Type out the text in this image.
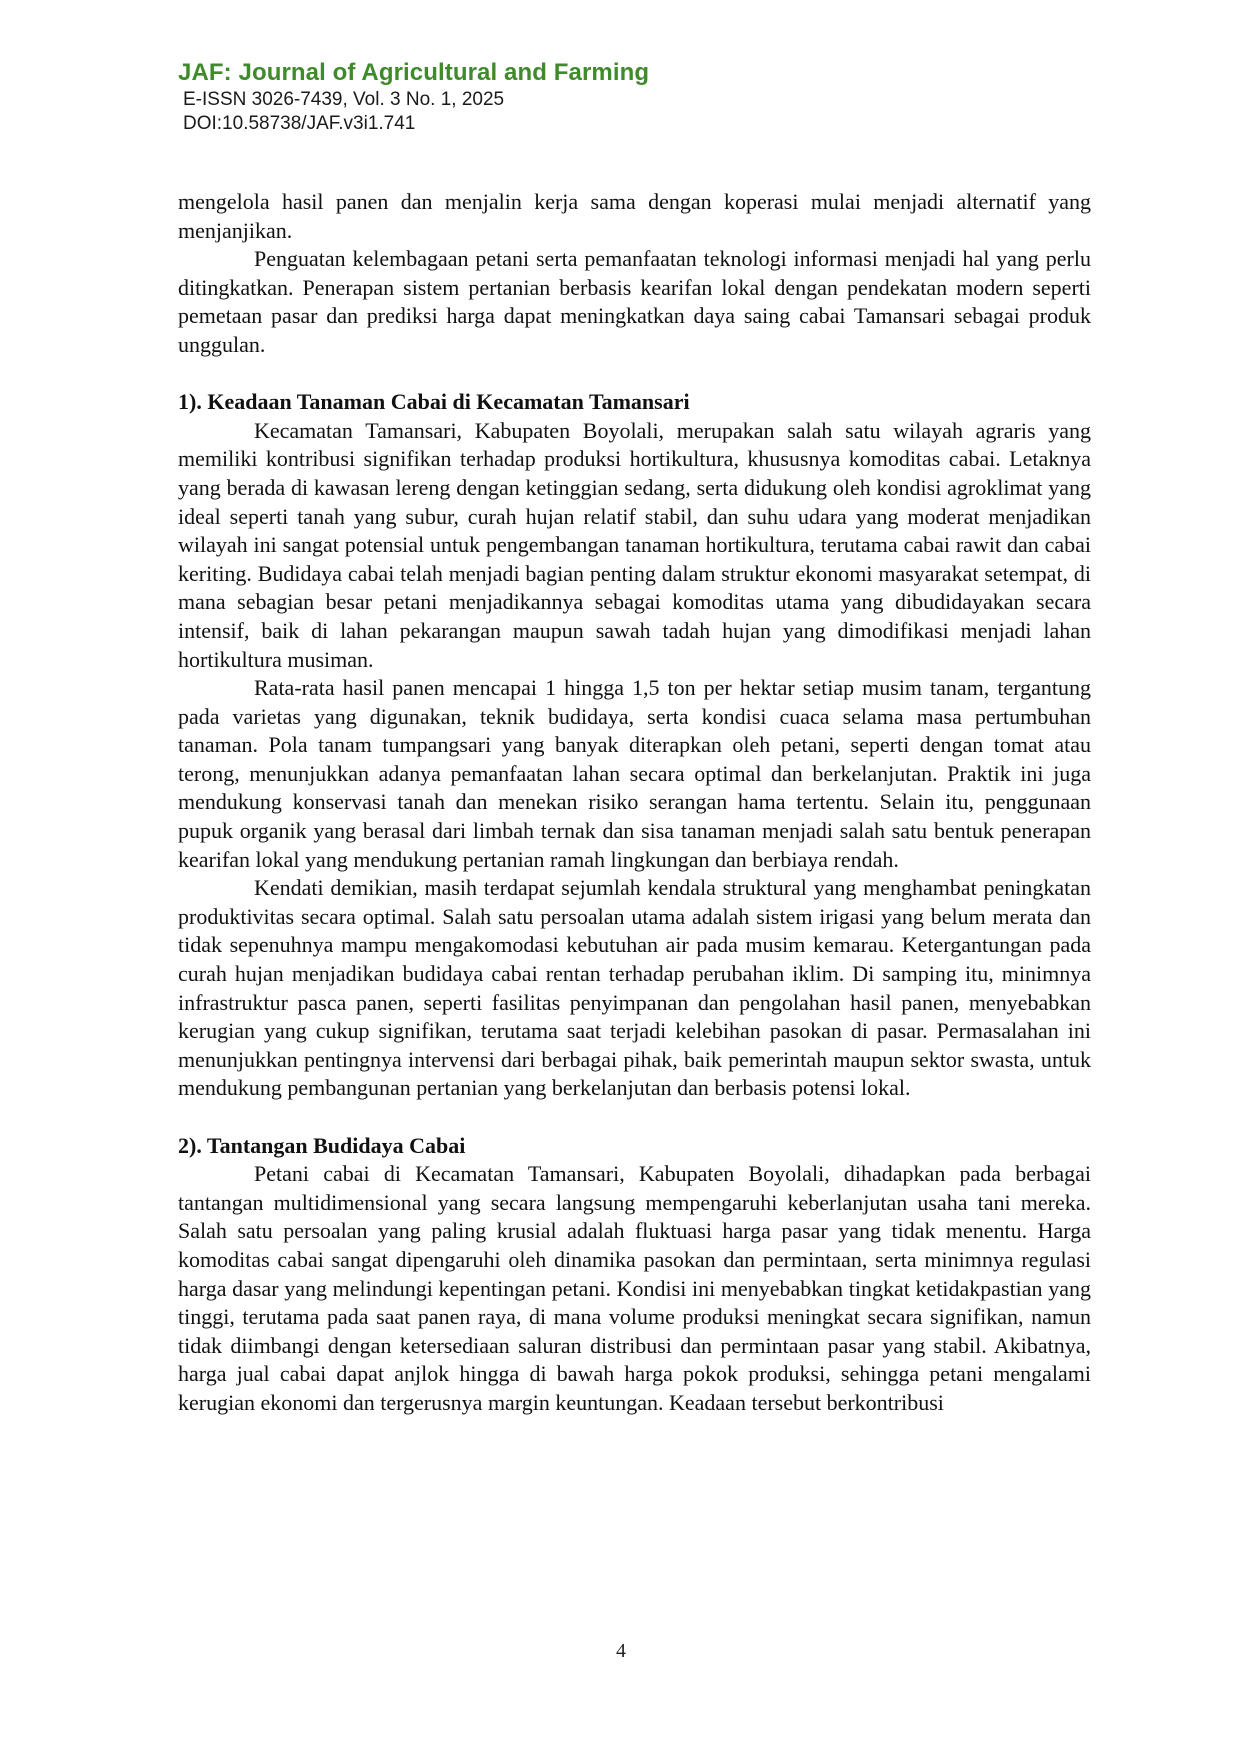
JAF: Journal of Agricultural and Farming
E-ISSN 3026-7439, Vol. 3 No. 1, 2025
DOI:10.58738/JAF.v3i1.741

mengelola hasil panen dan menjalin kerja sama dengan koperasi mulai menjadi alternatif yang menjanjikan.

Penguatan kelembagaan petani serta pemanfaatan teknologi informasi menjadi hal yang perlu ditingkatkan. Penerapan sistem pertanian berbasis kearifan lokal dengan pendekatan modern seperti pemetaan pasar dan prediksi harga dapat meningkatkan daya saing cabai Tamansari sebagai produk unggulan.

1). Keadaan Tanaman Cabai di Kecamatan Tamansari

Kecamatan Tamansari, Kabupaten Boyolali, merupakan salah satu wilayah agraris yang memiliki kontribusi signifikan terhadap produksi hortikultura, khususnya komoditas cabai. Letaknya yang berada di kawasan lereng dengan ketinggian sedang, serta didukung oleh kondisi agroklimat yang ideal seperti tanah yang subur, curah hujan relatif stabil, dan suhu udara yang moderat menjadikan wilayah ini sangat potensial untuk pengembangan tanaman hortikultura, terutama cabai rawit dan cabai keriting. Budidaya cabai telah menjadi bagian penting dalam struktur ekonomi masyarakat setempat, di mana sebagian besar petani menjadikannya sebagai komoditas utama yang dibudidayakan secara intensif, baik di lahan pekarangan maupun sawah tadah hujan yang dimodifikasi menjadi lahan hortikultura musiman.

Rata-rata hasil panen mencapai 1 hingga 1,5 ton per hektar setiap musim tanam, tergantung pada varietas yang digunakan, teknik budidaya, serta kondisi cuaca selama masa pertumbuhan tanaman. Pola tanam tumpangsari yang banyak diterapkan oleh petani, seperti dengan tomat atau terong, menunjukkan adanya pemanfaatan lahan secara optimal dan berkelanjutan. Praktik ini juga mendukung konservasi tanah dan menekan risiko serangan hama tertentu. Selain itu, penggunaan pupuk organik yang berasal dari limbah ternak dan sisa tanaman menjadi salah satu bentuk penerapan kearifan lokal yang mendukung pertanian ramah lingkungan dan berbiaya rendah.

Kendati demikian, masih terdapat sejumlah kendala struktural yang menghambat peningkatan produktivitas secara optimal. Salah satu persoalan utama adalah sistem irigasi yang belum merata dan tidak sepenuhnya mampu mengakomodasi kebutuhan air pada musim kemarau. Ketergantungan pada curah hujan menjadikan budidaya cabai rentan terhadap perubahan iklim. Di samping itu, minimnya infrastruktur pasca panen, seperti fasilitas penyimpanan dan pengolahan hasil panen, menyebabkan kerugian yang cukup signifikan, terutama saat terjadi kelebihan pasokan di pasar. Permasalahan ini menunjukkan pentingnya intervensi dari berbagai pihak, baik pemerintah maupun sektor swasta, untuk mendukung pembangunan pertanian yang berkelanjutan dan berbasis potensi lokal.

2). Tantangan Budidaya Cabai

Petani cabai di Kecamatan Tamansari, Kabupaten Boyolali, dihadapkan pada berbagai tantangan multidimensional yang secara langsung mempengaruhi keberlanjutan usaha tani mereka. Salah satu persoalan yang paling krusial adalah fluktuasi harga pasar yang tidak menentu. Harga komoditas cabai sangat dipengaruhi oleh dinamika pasokan dan permintaan, serta minimnya regulasi harga dasar yang melindungi kepentingan petani. Kondisi ini menyebabkan tingkat ketidakpastian yang tinggi, terutama pada saat panen raya, di mana volume produksi meningkat secara signifikan, namun tidak diimbangi dengan ketersediaan saluran distribusi dan permintaan pasar yang stabil. Akibatnya, harga jual cabai dapat anjlok hingga di bawah harga pokok produksi, sehingga petani mengalami kerugian ekonomi dan tergerusnya margin keuntungan. Keadaan tersebut berkontribusi

4
